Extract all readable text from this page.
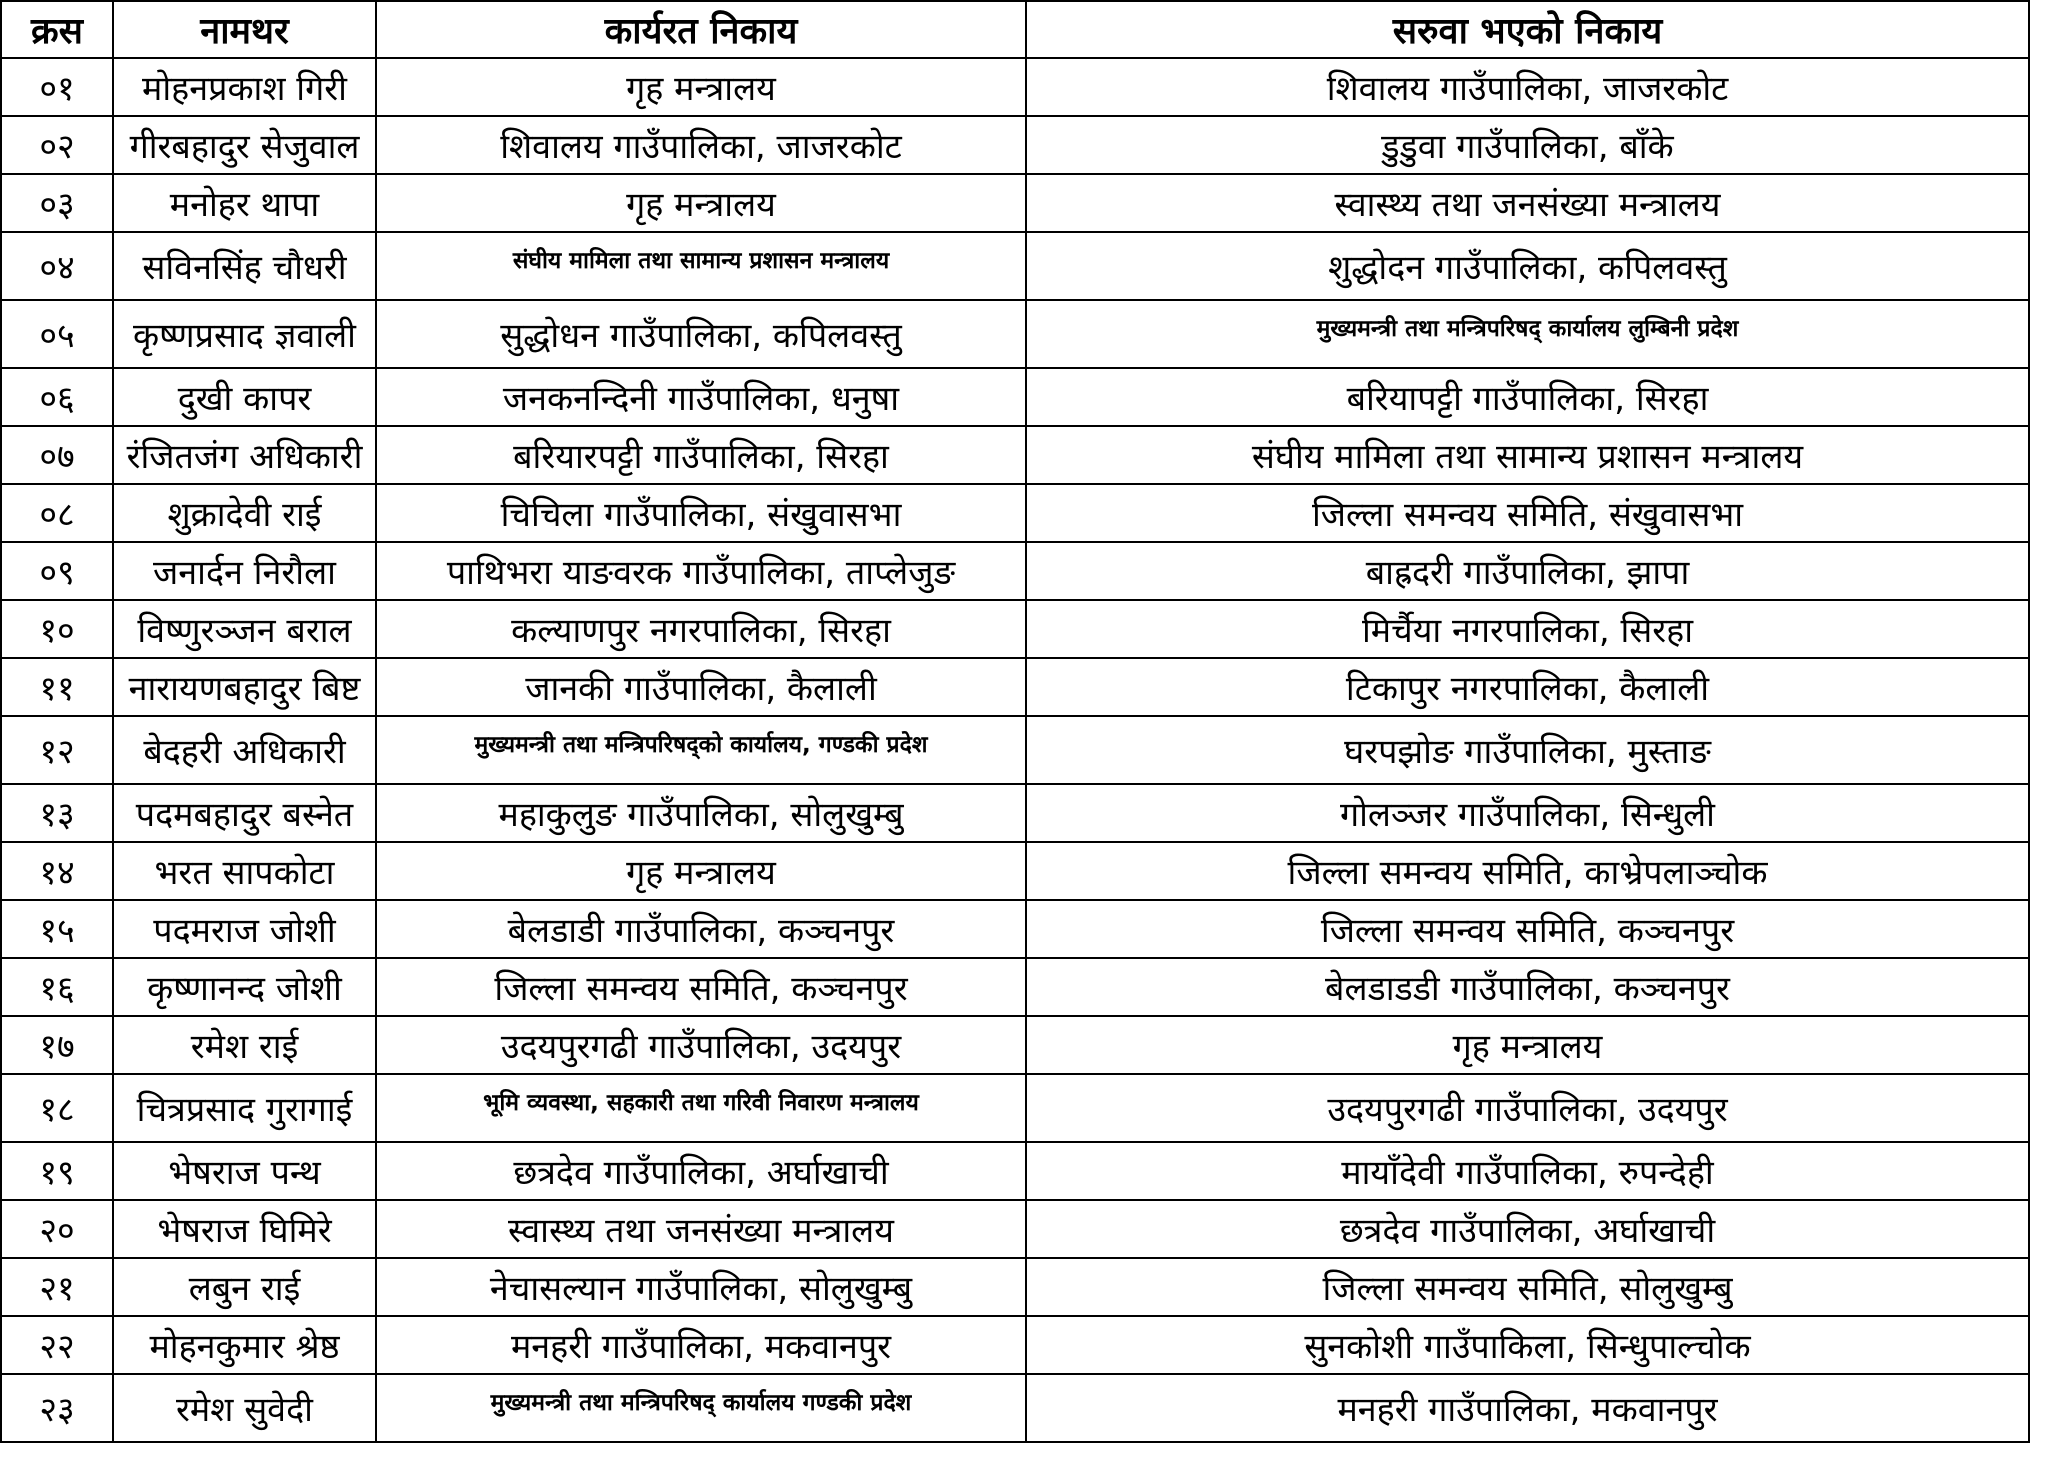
क्रस	नामथर	कार्यरत निकाय	सरुवा भएको निकाय
०१	मोहनप्रकाश गिरी	गृह मन्त्रालय	शिवालय गाउँपालिका, जाजरकोट
०२	गीरबहादुर सेजुवाल	शिवालय गाउँपालिका, जाजरकोट	डुडुवा गाउँपालिका, बाँके
०३	मनोहर थापा	गृह मन्त्रालय	स्वास्थ्य तथा जनसंख्या मन्त्रालय
०४	सविनसिंह चौधरी	संघीय मामिला तथा सामान्य प्रशासन मन्त्रालय	शुद्धोदन गाउँपालिका, कपिलवस्तु
०५	कृष्णप्रसाद ज्ञवाली	सुद्धोधन गाउँपालिका, कपिलवस्तु	मुख्यमन्त्री तथा मन्त्रिपरिषद् कार्यालय लुम्बिनी प्रदेश
०६	दुखी कापर	जनकनन्दिनी गाउँपालिका, धनुषा	बरियापट्टी गाउँपालिका, सिरहा
०७	रंजितजंग अधिकारी	बरियारपट्टी गाउँपालिका, सिरहा	संघीय मामिला तथा सामान्य प्रशासन मन्त्रालय
०८	शुक्रादेवी राई	चिचिला गाउँपालिका, संखुवासभा	जिल्ला समन्वय समिति, संखुवासभा
०९	जनार्दन निरौला	पाथिभरा याङवरक गाउँपालिका, ताप्लेजुङ	बाह्रदरी गाउँपालिका, झापा
१०	विष्णुरञ्जन बराल	कल्याणपुर नगरपालिका, सिरहा	मिर्चैया नगरपालिका, सिरहा
११	नारायणबहादुर बिष्ट	जानकी गाउँपालिका, कैलाली	टिकापुर नगरपालिका, कैलाली
१२	बेदहरी अधिकारी	मुख्यमन्त्री तथा मन्त्रिपरिषद्को कार्यालय, गण्डकी प्रदेश	घरपझोङ गाउँपालिका, मुस्ताङ
१३	पदमबहादुर बस्नेत	महाकुलुङ गाउँपालिका, सोलुखुम्बु	गोलञ्जर गाउँपालिका, सिन्धुली
१४	भरत सापकोटा	गृह मन्त्रालय	जिल्ला समन्वय समिति, काभ्रेपलाञ्चोक
१५	पदमराज जोशी	बेलडाडी गाउँपालिका, कञ्चनपुर	जिल्ला समन्वय समिति, कञ्चनपुर
१६	कृष्णानन्द जोशी	जिल्ला समन्वय समिति, कञ्चनपुर	बेलडाडडी गाउँपालिका, कञ्चनपुर
१७	रमेश राई	उदयपुरगढी गाउँपालिका, उदयपुर	गृह मन्त्रालय
१८	चित्रप्रसाद गुरागाई	भूमि व्यवस्था, सहकारी तथा गरिवी निवारण मन्त्रालय	उदयपुरगढी गाउँपालिका, उदयपुर
१९	भेषराज पन्थ	छत्रदेव गाउँपालिका, अर्घाखाची	मायाँदेवी गाउँपालिका, रुपन्देही
२०	भेषराज घिमिरे	स्वास्थ्य तथा जनसंख्या मन्त्रालय	छत्रदेव गाउँपालिका, अर्घाखाची
२१	लबुन राई	नेचासल्यान गाउँपालिका, सोलुखुम्बु	जिल्ला समन्वय समिति, सोलुखुम्बु
२२	मोहनकुमार श्रेष्ठ	मनहरी गाउँपालिका, मकवानपुर	सुनकोशी गाउँपाकिला, सिन्धुपाल्चोक
२३	रमेश सुवेदी	मुख्यमन्त्री तथा मन्त्रिपरिषद् कार्यालय गण्डकी प्रदेश	मनहरी गाउँपालिका, मकवानपुर
